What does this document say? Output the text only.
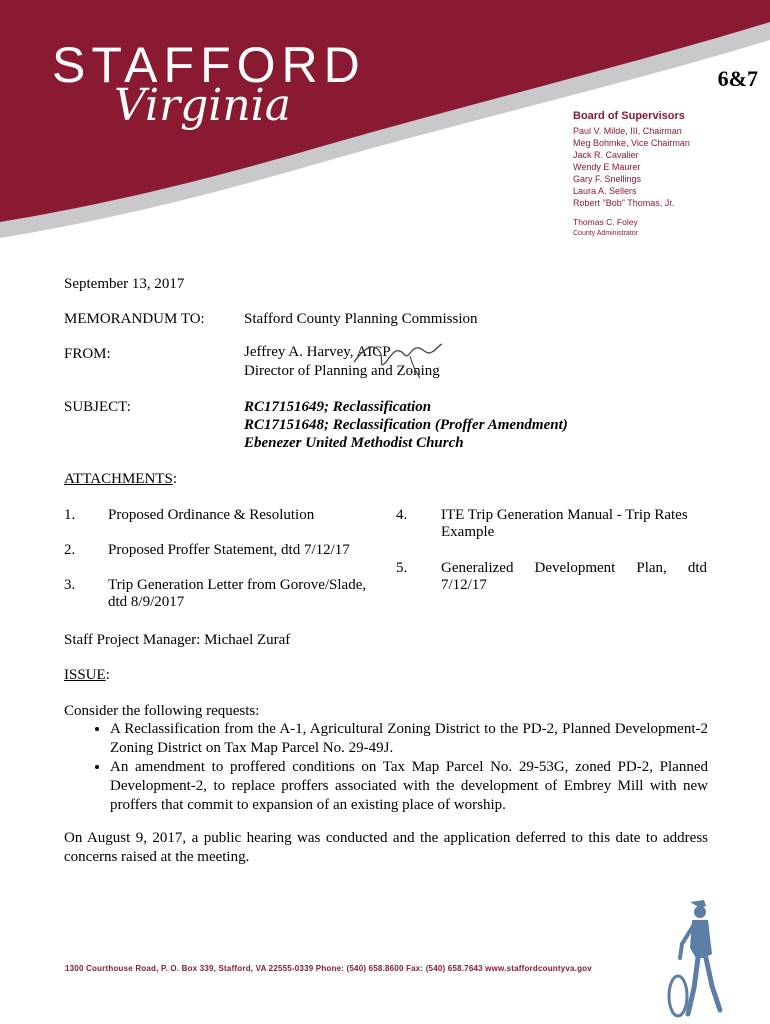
STAFFORD
Virginia
6&7
Board of Supervisors
Paul V. Milde, III, Chairman
Meg Bohmke, Vice Chairman
Jack R. Cavalier
Wendy E Maurer
Gary F. Snellings
Laura A. Sellers
Robert "Bob" Thomas, Jr.
Thomas C. Foley
County Administrator
September 13, 2017
MEMORANDUM TO:	Stafford County Planning Commission
FROM:	Jeffrey A. Harvey, AICP
Director of Planning and Zoning
SUBJECT:	RC17151649; Reclassification
RC17151648; Reclassification (Proffer Amendment)
Ebenezer United Methodist Church
ATTACHMENTS:
1. Proposed Ordinance & Resolution
2. Proposed Proffer Statement, dtd 7/12/17
3. Trip Generation Letter from Gorove/Slade,
dtd 8/9/2017
4. ITE Trip Generation Manual - Trip Rates
Example
5. Generalized Development Plan, dtd
7/12/17
Staff Project Manager: Michael Zuraf
ISSUE:
Consider the following requests:
• A Reclassification from the A-1, Agricultural Zoning District to the PD-2, Planned Development-2 Zoning District on Tax Map Parcel No. 29-49J.
• An amendment to proffered conditions on Tax Map Parcel No. 29-53G, zoned PD-2, Planned Development-2, to replace proffers associated with the development of Embrey Mill with new proffers that commit to expansion of an existing place of worship.
On August 9, 2017, a public hearing was conducted and the application deferred to this date to address concerns raised at the meeting.
1300 Courthouse Road, P. O. Box 339, Stafford, VA 22555-0339 Phone: (540) 658.8600 Fax: (540) 658.7643 www.staffordcountyva.gov
